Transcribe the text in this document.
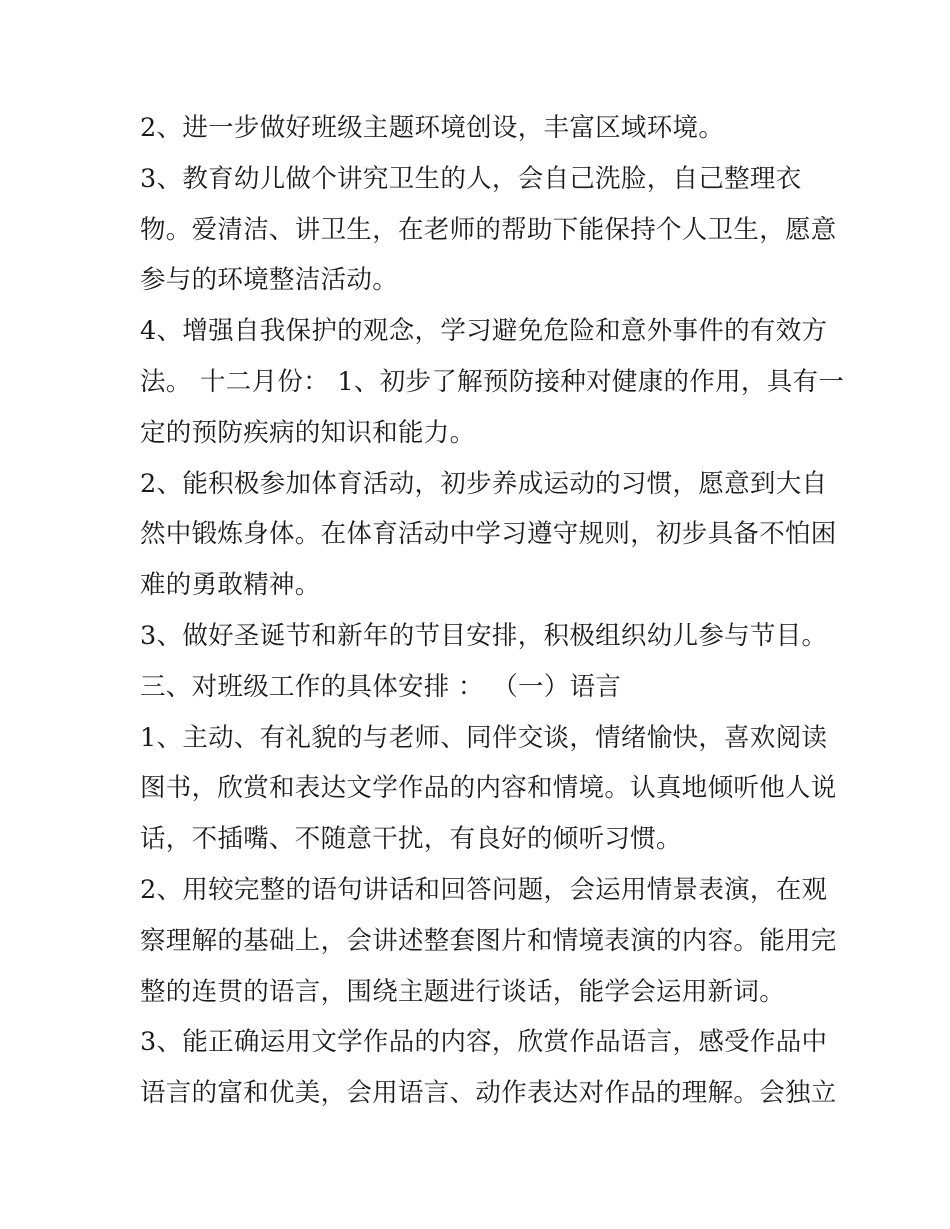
2、进一步做好班级主题环境创设，丰富区域环境。
3、教育幼儿做个讲究卫生的人，会自己洗脸，自己整理衣
物。爱清洁、讲卫生，在老师的帮助下能保持个人卫生，愿意
参与的环境整洁活动。
4、增强自我保护的观念，学习避免危险和意外事件的有效方
法。 十二月份： 1、初步了解预防接种对健康的作用，具有一
定的预防疾病的知识和能力。
2、能积极参加体育活动，初步养成运动的习惯，愿意到大自
然中锻炼身体。在体育活动中学习遵守规则，初步具备不怕困
难的勇敢精神。
3、做好圣诞节和新年的节目安排，积极组织幼儿参与节目。
三、对班级工作的具体安排 ： （一）语言
1、主动、有礼貌的与老师、同伴交谈，情绪愉快，喜欢阅读
图书，欣赏和表达文学作品的内容和情境。认真地倾听他人说
话，不插嘴、不随意干扰，有良好的倾听习惯。
2、用较完整的语句讲话和回答问题，会运用情景表演，在观
察理解的基础上，会讲述整套图片和情境表演的内容。能用完
整的连贯的语言，围绕主题进行谈话，能学会运用新词。
3、能正确运用文学作品的内容，欣赏作品语言，感受作品中
语言的富和优美，会用语言、动作表达对作品的理解。会独立
